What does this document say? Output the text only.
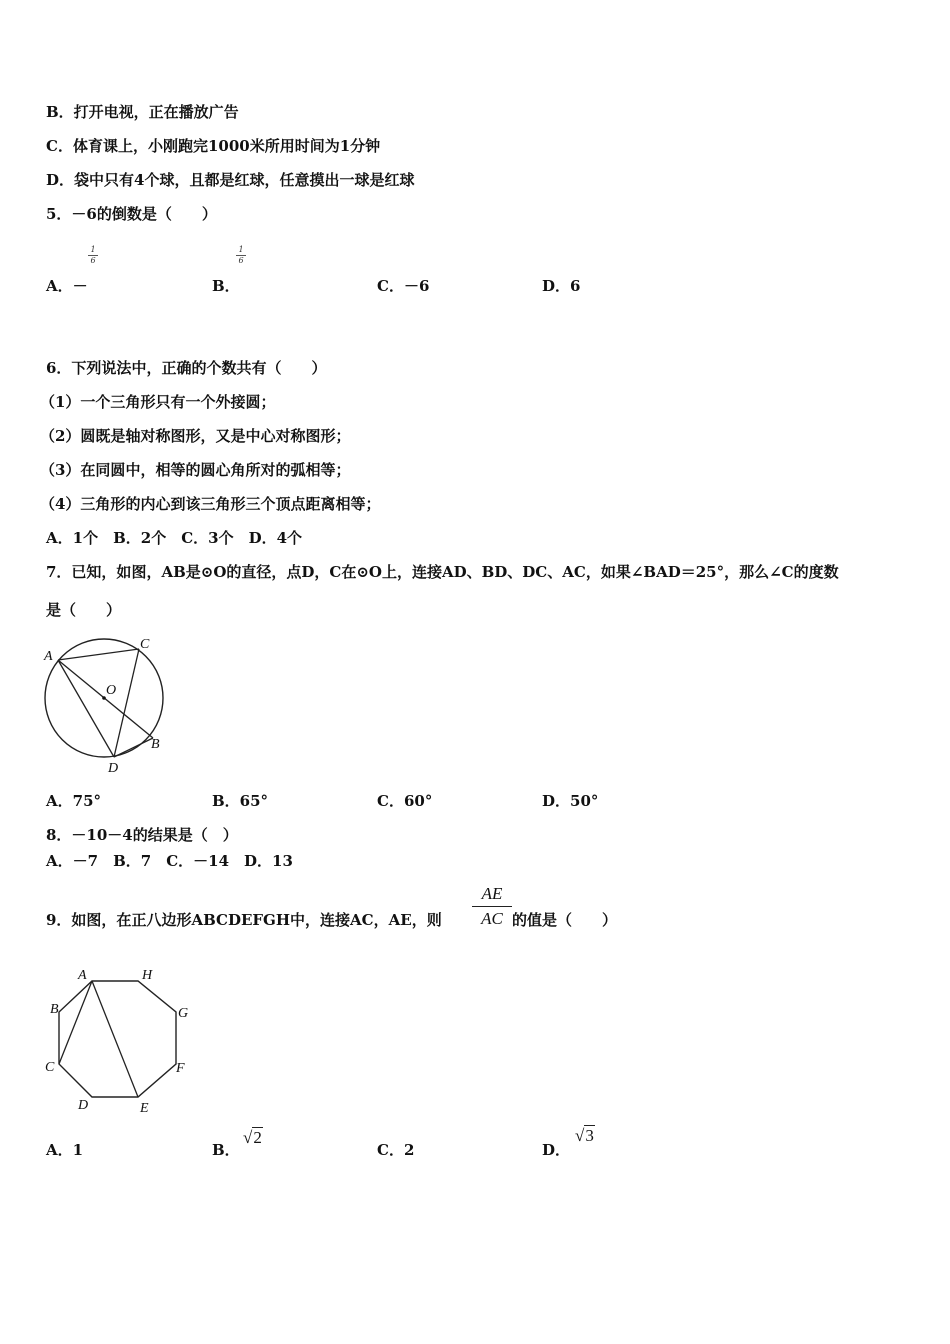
B．打开电视，正在播放广告
C．体育课上，小刚跑完1000米所用时间为1分钟
D．袋中只有4个球，且都是红球，任意摸出一球是红球
5．－6的倒数是（　　）
1
6
1
6
A．－	B．	C．－6	D．6
6．下列说法中，正确的个数共有（　　）
（1）一个三角形只有一个外接圆；
（2）圆既是轴对称图形，又是中心对称图形；
（3）在同圆中，相等的圆心角所对的弧相等；
（4）三角形的内心到该三角形三个顶点距离相等；
A．1个　B．2个　C．3个　D．4个
7．已知，如图，AB是⊙O的直径，点D，C在⊙O上，连接AD、BD、DC、AC，如果∠BAD＝25°，那么∠C的度数
是（　　）
A
C
O
B
D
A．75°	B．65°	C．60°	D．50°
8．－10－4的结果是（　）
A．－7　B．7　C．－14　D．13
9．如图，在正八边形ABCDEFGH中，连接AC，AE，则
AE
AC 的值是（　　）
A	H
B	G
C	F
D	E
A．1	B．
√2
C．2	D．
√3
